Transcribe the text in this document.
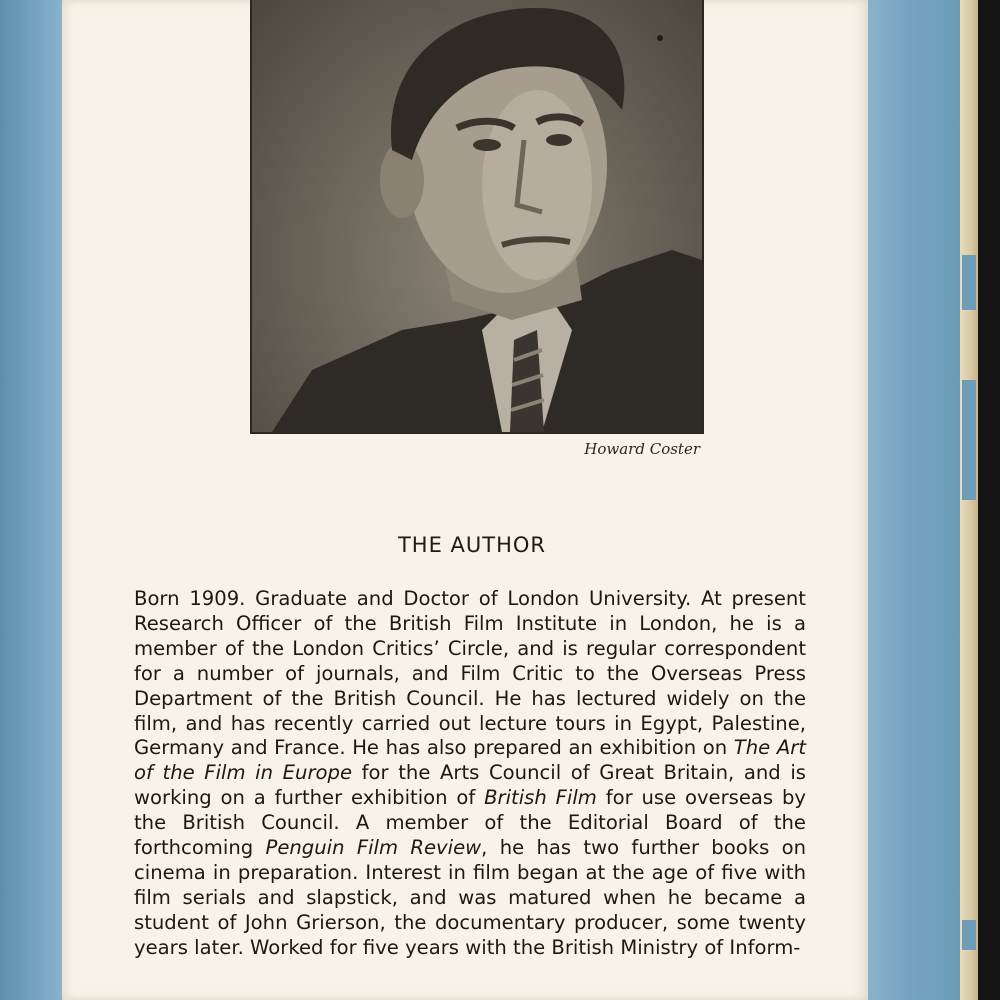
Howard Coster
THE AUTHOR
Born 1909. Graduate and Doctor of London University. At present Research Officer of the British Film Institute in London, he is a member of the London Critics’ Circle, and is regular correspondent for a number of journals, and Film Critic to the Overseas Press Department of the British Council. He has lectured widely on the film, and has recently carried out lecture tours in Egypt, Palestine, Germany and France. He has also prepared an exhibition on The Art of the Film in Europe for the Arts Council of Great Britain, and is working on a further exhibition of British Film for use overseas by the British Council. A member of the Editorial Board of the forthcoming Penguin Film Review, he has two further books on cinema in preparation. Interest in film began at the age of five with film serials and slapstick, and was matured when he became a student of John Grierson, the documentary producer, some twenty years later. Worked for five years with the British Ministry of Inform-
